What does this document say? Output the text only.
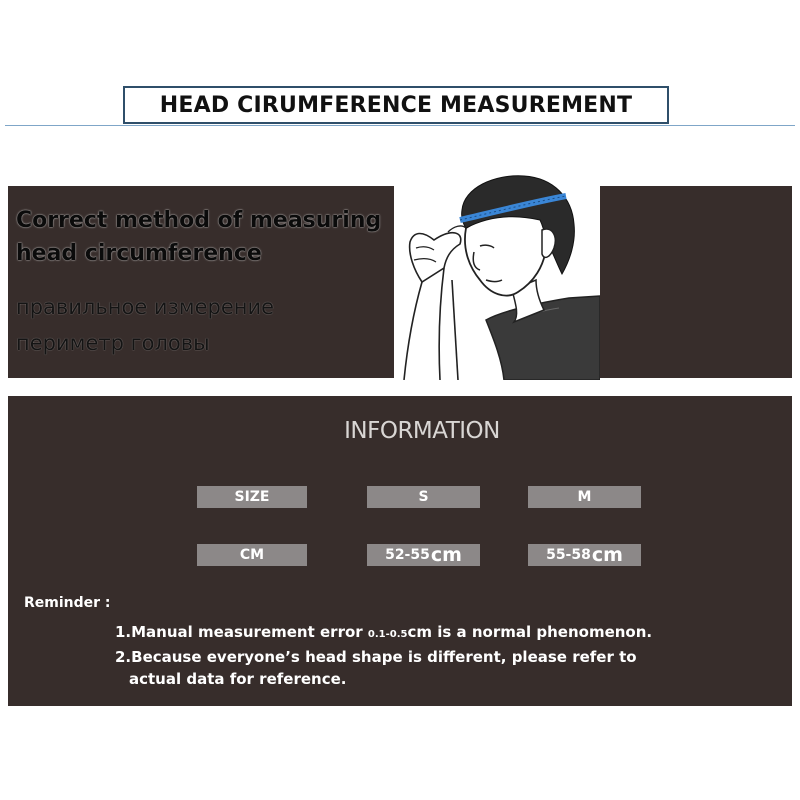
HEAD CIRUMFERENCE MEASUREMENT
Correct method of measuring
head circumference
правильное измерение
периметр головы
INFORMATION
SIZE	S	M
CM	52-55 cm	55-58 cm
Reminder :
1.Manual measurement error 0.1-0.5cm is a normal phenomenon.
2.Because everyone’s head shape is different, please refer to
actual data for reference.
